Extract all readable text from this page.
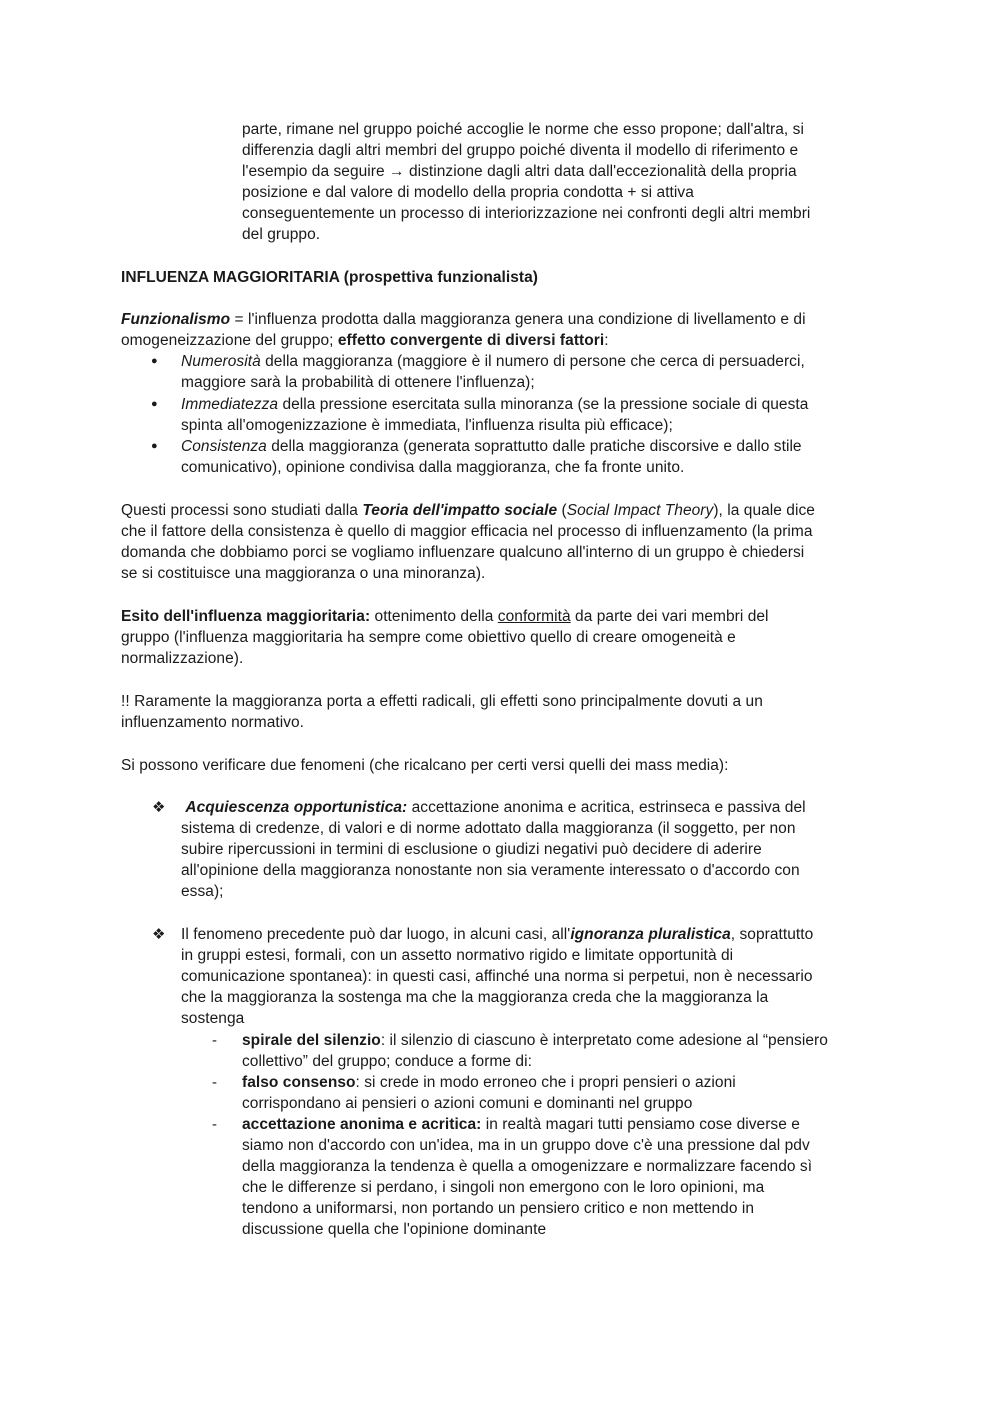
parte, rimane nel gruppo poiché accoglie le norme che esso propone; dall'altra, si
differenzia dagli altri membri del gruppo poiché diventa il modello di riferimento e
l'esempio da seguire → distinzione dagli altri data dall'eccezionalità della propria
posizione e dal valore di modello della propria condotta + si attiva
conseguentemente un processo di interiorizzazione nei confronti degli altri membri
del gruppo.
INFLUENZA MAGGIORITARIA (prospettiva funzionalista)
Funzionalismo = l'influenza prodotta dalla maggioranza genera una condizione di livellamento e di
omogeneizzazione del gruppo; effetto convergente di diversi fattori:
● Numerosità della maggioranza (maggiore è il numero di persone che cerca di persuaderci,
maggiore sarà la probabilità di ottenere l'influenza);
● Immediatezza della pressione esercitata sulla minoranza (se la pressione sociale di questa
spinta all'omogenizzazione è immediata, l'influenza risulta più efficace);
● Consistenza della maggioranza (generata soprattutto dalle pratiche discorsive e dallo stile
comunicativo), opinione condivisa dalla maggioranza, che fa fronte unito.
Questi processi sono studiati dalla Teoria dell'impatto sociale (Social Impact Theory), la quale dice
che il fattore della consistenza è quello di maggior efficacia nel processo di influenzamento (la prima
domanda che dobbiamo porci se vogliamo influenzare qualcuno all'interno di un gruppo è chiedersi
se si costituisce una maggioranza o una minoranza).
Esito dell'influenza maggioritaria: ottenimento della conformità da parte dei vari membri del
gruppo (l'influenza maggioritaria ha sempre come obiettivo quello di creare omogeneità e
normalizzazione).
!! Raramente la maggioranza porta a effetti radicali, gli effetti sono principalmente dovuti a un
influenzamento normativo.
Si possono verificare due fenomeni (che ricalcano per certi versi quelli dei mass media):
❖ Acquiescenza opportunistica: accettazione anonima e acritica, estrinseca e passiva del
sistema di credenze, di valori e di norme adottato dalla maggioranza (il soggetto, per non
subire ripercussioni in termini di esclusione o giudizi negativi può decidere di aderire
all'opinione della maggioranza nonostante non sia veramente interessato o d'accordo con
essa);
❖ Il fenomeno precedente può dar luogo, in alcuni casi, all'ignoranza pluralistica, soprattutto
in gruppi estesi, formali, con un assetto normativo rigido e limitate opportunità di
comunicazione spontanea): in questi casi, affinché una norma si perpetui, non è necessario
che la maggioranza la sostenga ma che la maggioranza creda che la maggioranza la
sostenga
- spirale del silenzio: il silenzio di ciascuno è interpretato come adesione al “pensiero
collettivo” del gruppo; conduce a forme di:
- falso consenso: si crede in modo erroneo che i propri pensieri o azioni
corrispondano ai pensieri o azioni comuni e dominanti nel gruppo
- accettazione anonima e acritica: in realtà magari tutti pensiamo cose diverse e
siamo non d'accordo con un'idea, ma in un gruppo dove c'è una pressione dal pdv
della maggioranza la tendenza è quella a omogenizzare e normalizzare facendo sì
che le differenze si perdano, i singoli non emergono con le loro opinioni, ma
tendono a uniformarsi, non portando un pensiero critico e non mettendo in
discussione quella che l'opinione dominante
